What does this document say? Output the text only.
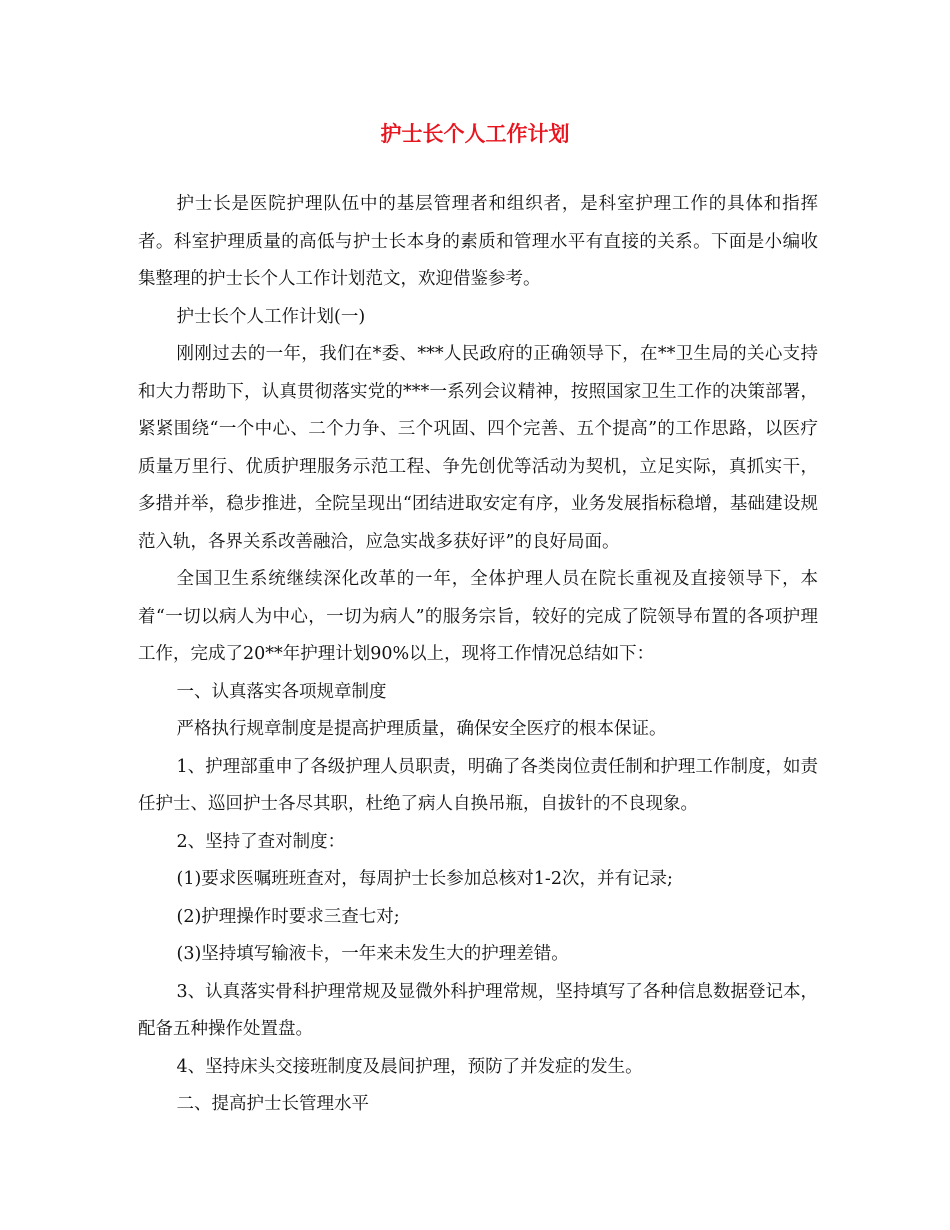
护士长个人工作计划

护士长是医院护理队伍中的基层管理者和组织者，是科室护理工作的具体和指挥者。科室护理质量的高低与护士长本身的素质和管理水平有直接的关系。下面是小编收集整理的护士长个人工作计划范文，欢迎借鉴参考。

护士长个人工作计划(一)

刚刚过去的一年，我们在*委、***人民政府的正确领导下，在**卫生局的关心支持和大力帮助下，认真贯彻落实党的***一系列会议精神，按照国家卫生工作的决策部署，紧紧围绕“一个中心、二个力争、三个巩固、四个完善、五个提高”的工作思路，以医疗质量万里行、优质护理服务示范工程、争先创优等活动为契机，立足实际，真抓实干，多措并举，稳步推进，全院呈现出“团结进取安定有序，业务发展指标稳增，基础建设规范入轨，各界关系改善融洽，应急实战多获好评”的良好局面。

全国卫生系统继续深化改革的一年，全体护理人员在院长重视及直接领导下，本着“一切以病人为中心，一切为病人”的服务宗旨，较好的完成了院领导布置的各项护理工作，完成了20**年护理计划90%以上，现将工作情况总结如下：

一、认真落实各项规章制度

严格执行规章制度是提高护理质量，确保安全医疗的根本保证。

1、护理部重申了各级护理人员职责，明确了各类岗位责任制和护理工作制度，如责任护士、巡回护士各尽其职，杜绝了病人自换吊瓶，自拔针的不良现象。

2、坚持了查对制度：

(1)要求医嘱班班查对，每周护士长参加总核对1-2次，并有记录;

(2)护理操作时要求三查七对;

(3)坚持填写输液卡，一年来未发生大的护理差错。

3、认真落实骨科护理常规及显微外科护理常规，坚持填写了各种信息数据登记本，配备五种操作处置盘。

4、坚持床头交接班制度及晨间护理，预防了并发症的发生。

二、提高护士长管理水平
